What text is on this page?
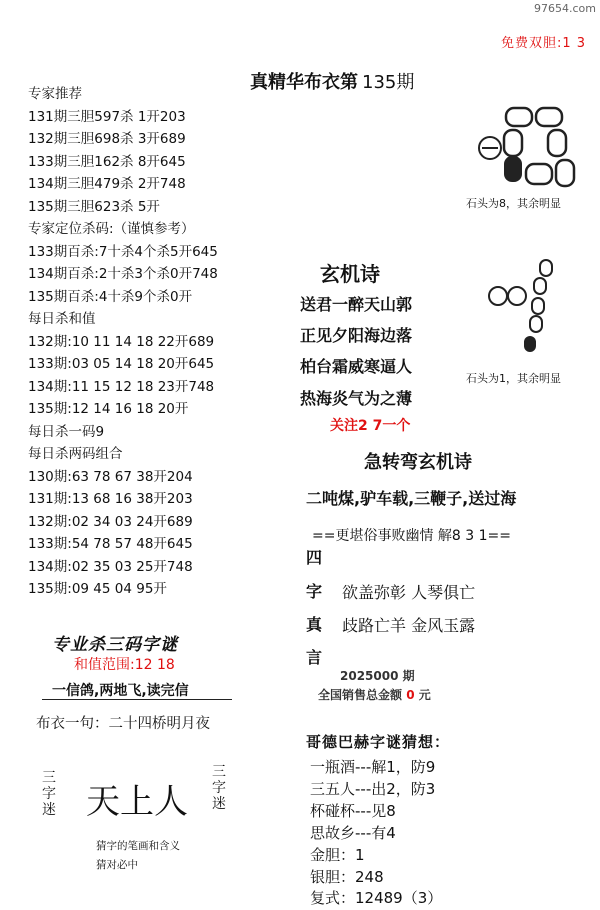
97654.com
免费双胆:1 3
真精华布衣第 135期
专家推荐
131期三胆597杀 1开203
132期三胆698杀 3开689
133期三胆162杀 8开645
134期三胆479杀 2开748
135期三胆623杀 5开
专家定位杀码:（谨慎参考）
133期百杀:7十杀4个杀5开645
134期百杀:2十杀3个杀0开748
135期百杀:4十杀9个杀0开
每日杀和值
132期:10 11 14 18 22开689
133期:03 05 14 18 20开645
134期:11 15 12 18 23开748
135期:12 14 16 18 20开
每日杀一码9
每日杀两码组合
130期:63 78 67 38开204
131期:13 68 16 38开203
132期:02 34 03 24开689
133期:54 78 57 48开645
134期:02 35 03 25开748
135期:09 45 04 95开
专业杀三码字谜
和值范围:12 18
一信鸽,两地飞,读完信
布衣一句：二十四桥明月夜
三字迷
三字迷
天上人
猜字的笔画和含义
猜对必中
石头为8，其余明显
石头为1，其余明显
玄机诗
送君一醉天山郭
正见夕阳海边落
柏台霜威寒逼人
热海炎气为之薄
关注2 7一个
急转弯玄机诗
二吨煤,驴车载,三鞭子,送过海
==更堪俗事败幽情 解8 3 1==
四
字
真
言
欲盖弥彰 人琴俱亡
歧路亡羊 金风玉露
2025000 期
全国销售总金额 0 元
哥德巴赫字谜猜想：
一瓶酒---解1，防9
三五人---出2，防3
杯碰杯---见8
思故乡---有4
金胆：1
银胆：248
复式：12489（3）
